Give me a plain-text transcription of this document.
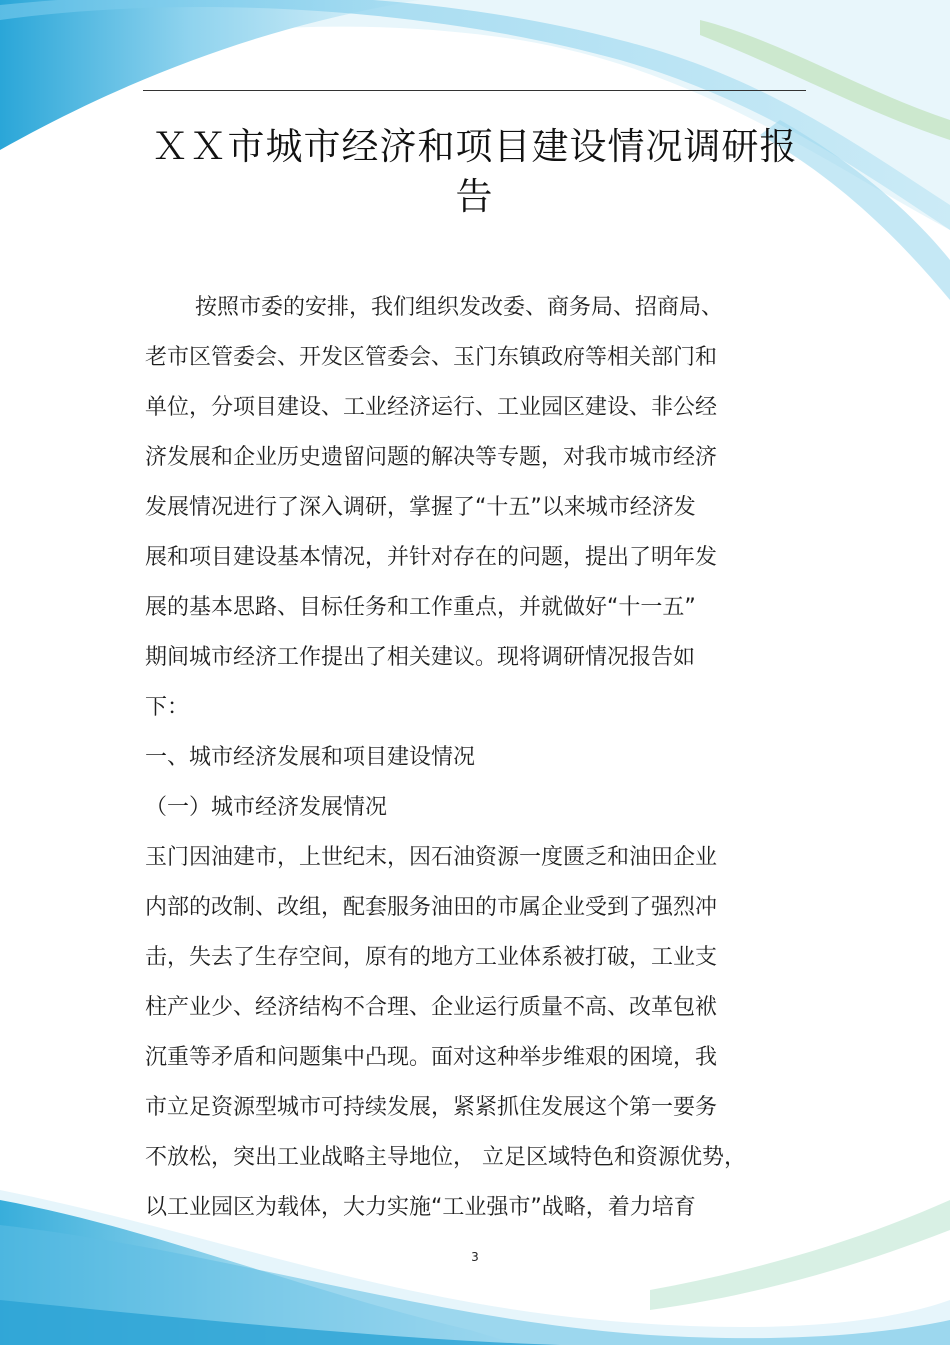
ＸＸ市城市经济和项目建设情况调研报
告
按照市委的安排，我们组织发改委、商务局、招商局、
老市区管委会、开发区管委会、玉门东镇政府等相关部门和
单位，分项目建设、工业经济运行、工业园区建设、非公经
济发展和企业历史遗留问题的解决等专题，对我市城市经济
发展情况进行了深入调研，掌握了“十五”以来城市经济发
展和项目建设基本情况，并针对存在的问题，提出了明年发
展的基本思路、目标任务和工作重点，并就做好“十一五”
期间城市经济工作提出了相关建议。现将调研情况报告如
下：
一、城市经济发展和项目建设情况
（一）城市经济发展情况
玉门因油建市，上世纪末，因石油资源一度匮乏和油田企业
内部的改制、改组，配套服务油田的市属企业受到了强烈冲
击，失去了生存空间，原有的地方工业体系被打破，工业支
柱产业少、经济结构不合理、企业运行质量不高、改革包袱
沉重等矛盾和问题集中凸现。面对这种举步维艰的困境，我
市立足资源型城市可持续发展，紧紧抓住发展这个第一要务
不放松，突出工业战略主导地位， 立足区域特色和资源优势，
以工业园区为载体，大力实施“工业强市”战略，着力培育
3
